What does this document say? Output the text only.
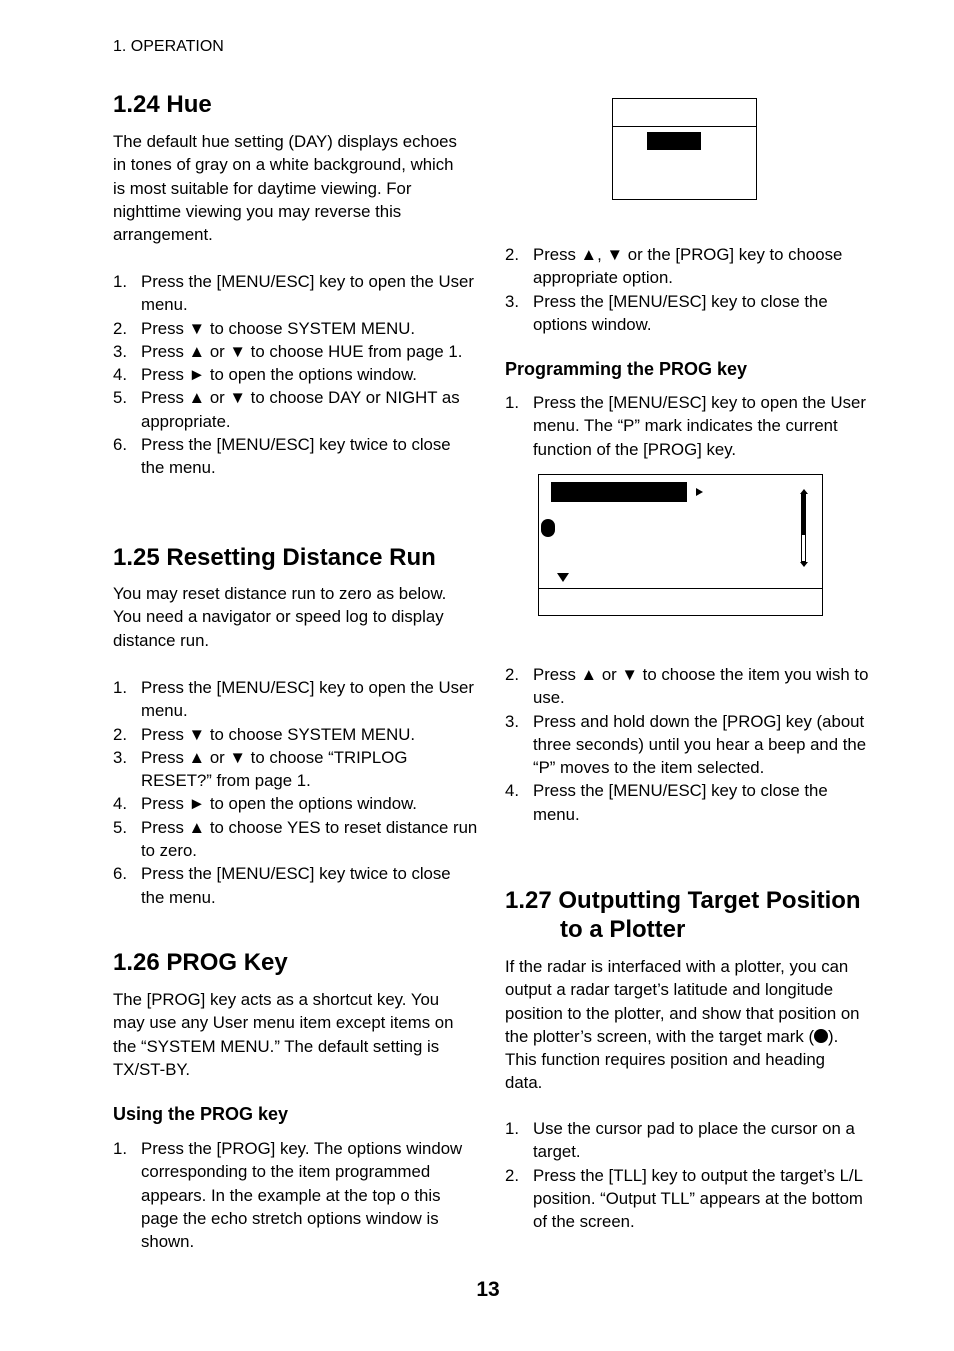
1. OPERATION
1.24 Hue

The default hue setting (DAY) displays echoes in tones of gray on a white background, which is most suitable for daytime viewing. For nighttime viewing you may reverse this arrangement.

1. Press the [MENU/ESC] key to open the User menu.
2. Press ▼ to choose SYSTEM MENU.
3. Press ▲ or ▼ to choose HUE from page 1.
4. Press ► to open the options window.
5. Press ▲ or ▼ to choose DAY or NIGHT as appropriate.
6. Press the [MENU/ESC] key twice to close the menu.
1.25 Resetting Distance Run

You may reset distance run to zero as below. You need a navigator or speed log to display distance run.

1. Press the [MENU/ESC] key to open the User menu.
2. Press ▼ to choose SYSTEM MENU.
3. Press ▲ or ▼ to choose “TRIPLOG RESET?” from page 1.
4. Press ► to open the options window.
5. Press ▲ to choose YES to reset distance run to zero.
6. Press the [MENU/ESC] key twice to close the menu.
1.26 PROG Key

The [PROG] key acts as a shortcut key. You may use any User menu item except items on the “SYSTEM MENU.” The default setting is TX/ST-BY.

Using the PROG key
1. Press the [PROG] key. The options window corresponding to the item programmed appears. In the example at the top o this page the echo stretch options window is shown.
2. Press ▲, ▼ or the [PROG] key to choose appropriate option.
3. Press the [MENU/ESC] key to close the options window.
Programming the PROG key
1. Press the [MENU/ESC] key to open the User menu. The “P” mark indicates the current function of the [PROG] key.
2. Press ▲ or ▼ to choose the item you wish to use.
3. Press and hold down the [PROG] key (about three seconds) until you hear a beep and the “P” moves to the item selected.
4. Press the [MENU/ESC] key to close the menu.
1.27 Outputting Target Position
to a Plotter

If the radar is interfaced with a plotter, you can output a radar target’s latitude and longitude position to the plotter, and show that position on the plotter’s screen, with the target mark ( ). This function requires position and heading data.

1. Use the cursor pad to place the cursor on a target.
2. Press the [TLL] key to output the target’s L/L position. “Output TLL” appears at the bottom of the screen.
13
